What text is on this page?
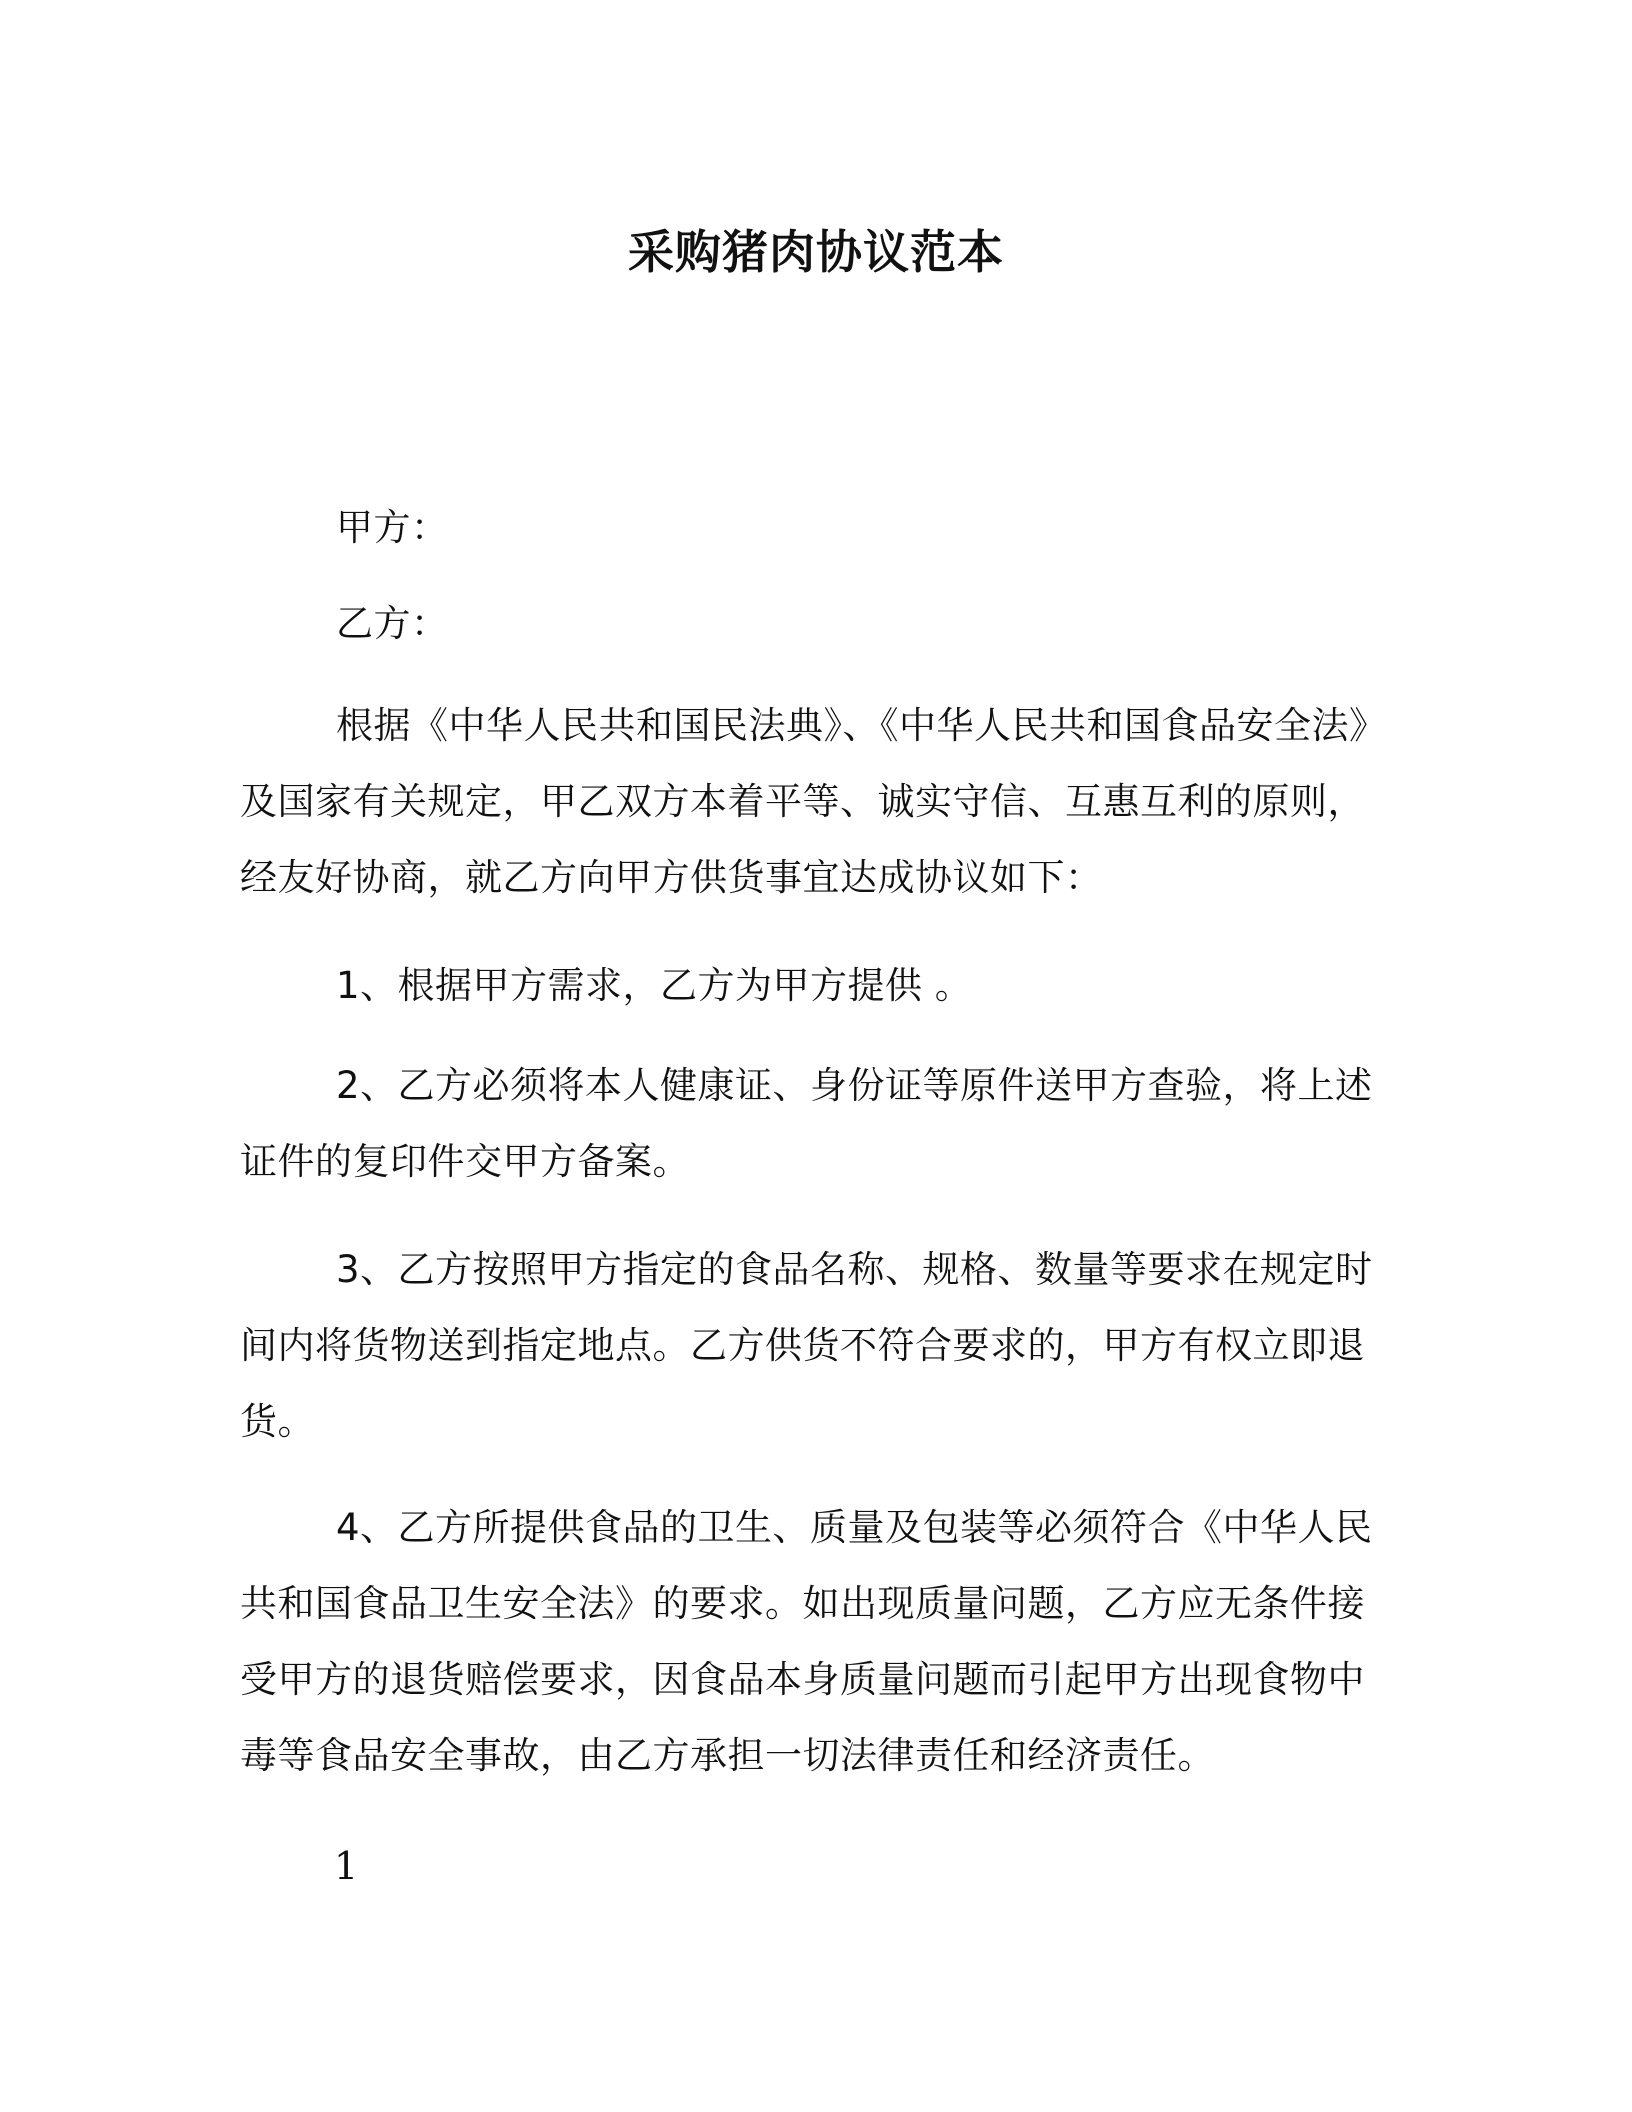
采购猪肉协议范本
甲方：
乙方：
根据《中华人民共和国民法典》、《中华人民共和国食品安全法》
及国家有关规定，甲乙双方本着平等、诚实守信、互惠互利的原则，
经友好协商，就乙方向甲方供货事宜达成协议如下：
1、根据甲方需求，乙方为甲方提供 。
2、乙方必须将本人健康证、身份证等原件送甲方查验，将上述
证件的复印件交甲方备案。
3、乙方按照甲方指定的食品名称、规格、数量等要求在规定时
间内将货物送到指定地点。乙方供货不符合要求的，甲方有权立即退
货。
4、乙方所提供食品的卫生、质量及包装等必须符合《中华人民
共和国食品卫生安全法》的要求。如出现质量问题，乙方应无条件接
受甲方的退货赔偿要求，因食品本身质量问题而引起甲方出现食物中
毒等食品安全事故，由乙方承担一切法律责任和经济责任。
1
